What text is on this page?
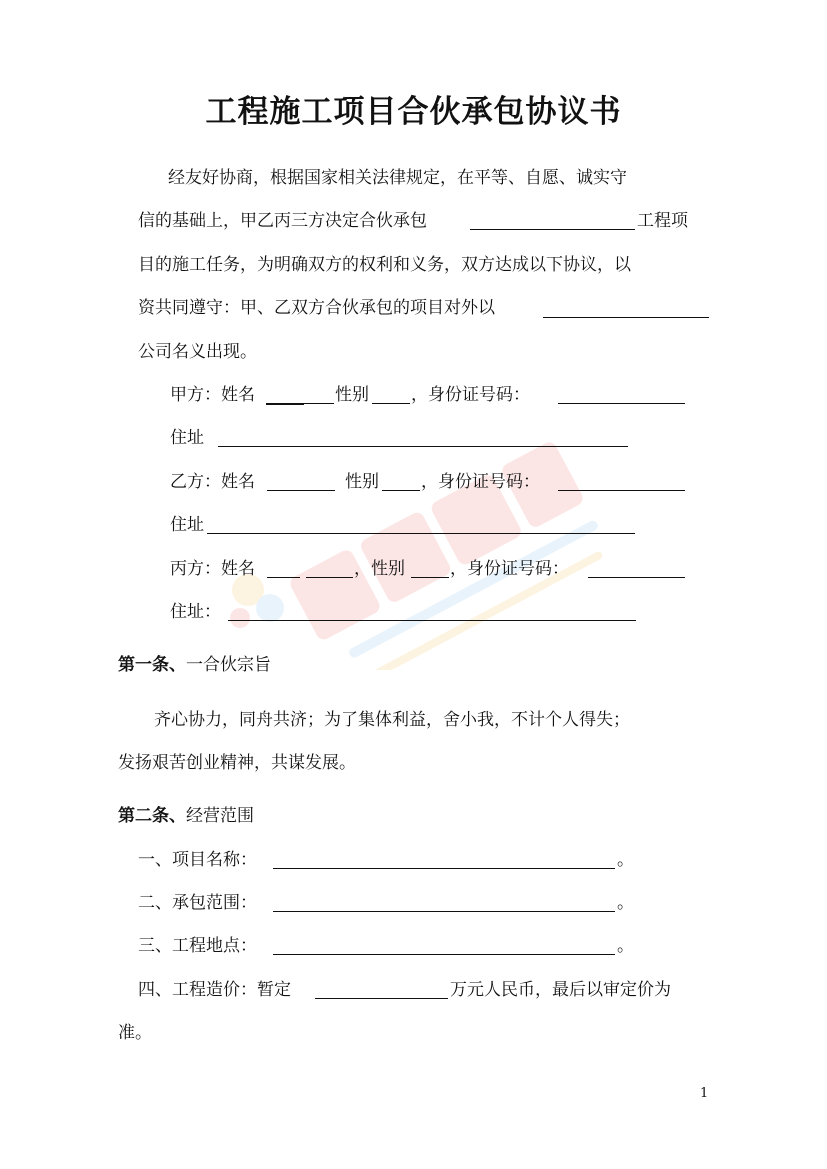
工程施工项目合伙承包协议书
经友好协商，根据国家相关法律规定，在平等、自愿、诚实守
信的基础上，甲乙丙三方决定合伙承包	工程项
目的施工任务，为明确双方的权利和义务，双方达成以下协议，以
资共同遵守：甲、乙双方合伙承包的项目对外以
公司名义出现。
甲方：姓名	性别 ，身份证号码：
住址
乙方：姓名	性别 ，身份证号码：
住址
丙方：姓名	，性别	，身份证号码：
住址：
第一条、一合伙宗旨
齐心协力，同舟共济；为了集体利益，舍小我，不计个人得失；
发扬艰苦创业精神，共谋发展。
第二条、经营范围
一、项目名称：	。
二、承包范围：	。
三、工程地点：	。
四、工程造价：暂定	万元人民币，最后以审定价为
准。
1
